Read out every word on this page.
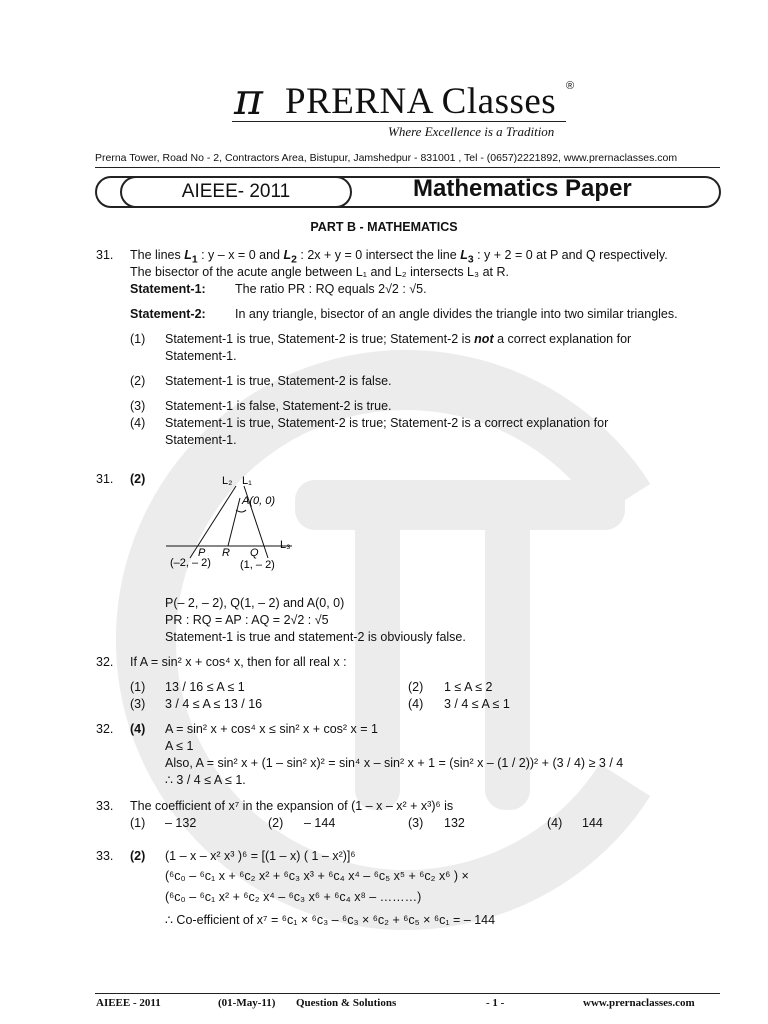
π PRERNA Classes ®
Where Excellence is a Tradition
Prerna Tower, Road No - 2, Contractors Area, Bistupur, Jamshedpur - 831001 , Tel - (0657)2221892, www.prernaclasses.com
AIEEE- 2011	Mathematics Paper
PART B - MATHEMATICS
31. The lines $L_1$ : y – x = 0 and $L_2$ : 2x + y = 0 intersect the line $L_3$ : y + 2 = 0 at P and Q respectively.
The bisector of the acute angle between L₁ and L₂ intersects L₃ at R.
Statement-1: The ratio PR : RQ equals 2√2 : √5.
Statement-2: In any triangle, bisector of an angle divides the triangle into two similar triangles.
(1) Statement-1 is true, Statement-2 is true; Statement-2 is not a correct explanation for
Statement-1.
(2) Statement-1 is true, Statement-2 is false.
(3) Statement-1 is false, Statement-2 is true.
(4) Statement-1 is true, Statement-2 is true; Statement-2 is a correct explanation for
Statement-1.
31. (2)	L₂ L₁
A(0, 0)
L₃
P R Q
(–2, – 2)	(1, – 2)
P(– 2, – 2), Q(1, – 2) and A(0, 0)
PR : RQ = AP : AQ = 2√2 : √5
Statement-1 is true and statement-2 is obviously false.
32. If A = sin² x + cos⁴ x, then for all real x :
(1) 13 / 16 ≤ A ≤ 1	(2) 1 ≤ A ≤ 2
(3) 3 / 4 ≤ A ≤ 13 / 16	(4) 3 / 4 ≤ A ≤ 1
32. (4) A = sin² x + cos⁴ x ≤ sin² x + cos² x = 1
A ≤ 1
Also, A = sin² x + (1 – sin² x)² = sin⁴ x – sin² x + 1 = (sin² x – (1 / 2))² + (3 / 4) ≥ 3 / 4
∴ 3 / 4 ≤ A ≤ 1.
33. The coefficient of x⁷ in the expansion of (1 – x – x² + x³)⁶ is
(1) – 132	(2) – 144	(3) 132	(4) 144
33. (2) (1 – x – x² x³ )⁶ = [(1 – x) ( 1 – x²)]⁶
(⁶c₀ – ⁶c₁ x + ⁶c₂ x² + ⁶c₃ x³ + ⁶c₄ x⁴ – ⁶c₅ x⁵ + ⁶c₂ x⁶ ) ×
(⁶c₀ – ⁶c₁ x² + ⁶c₂ x⁴ – ⁶c₃ x⁶ + ⁶c₄ x⁸ – ………)
∴ Co-efficient of x⁷ = ⁶c₁ × ⁶c₃ – ⁶c₃ × ⁶c₂ + ⁶c₅ × ⁶c₁ = – 144
AIEEE - 2011	(01-May-11) Question & Solutions	- 1 -	www.prernaclasses.com
